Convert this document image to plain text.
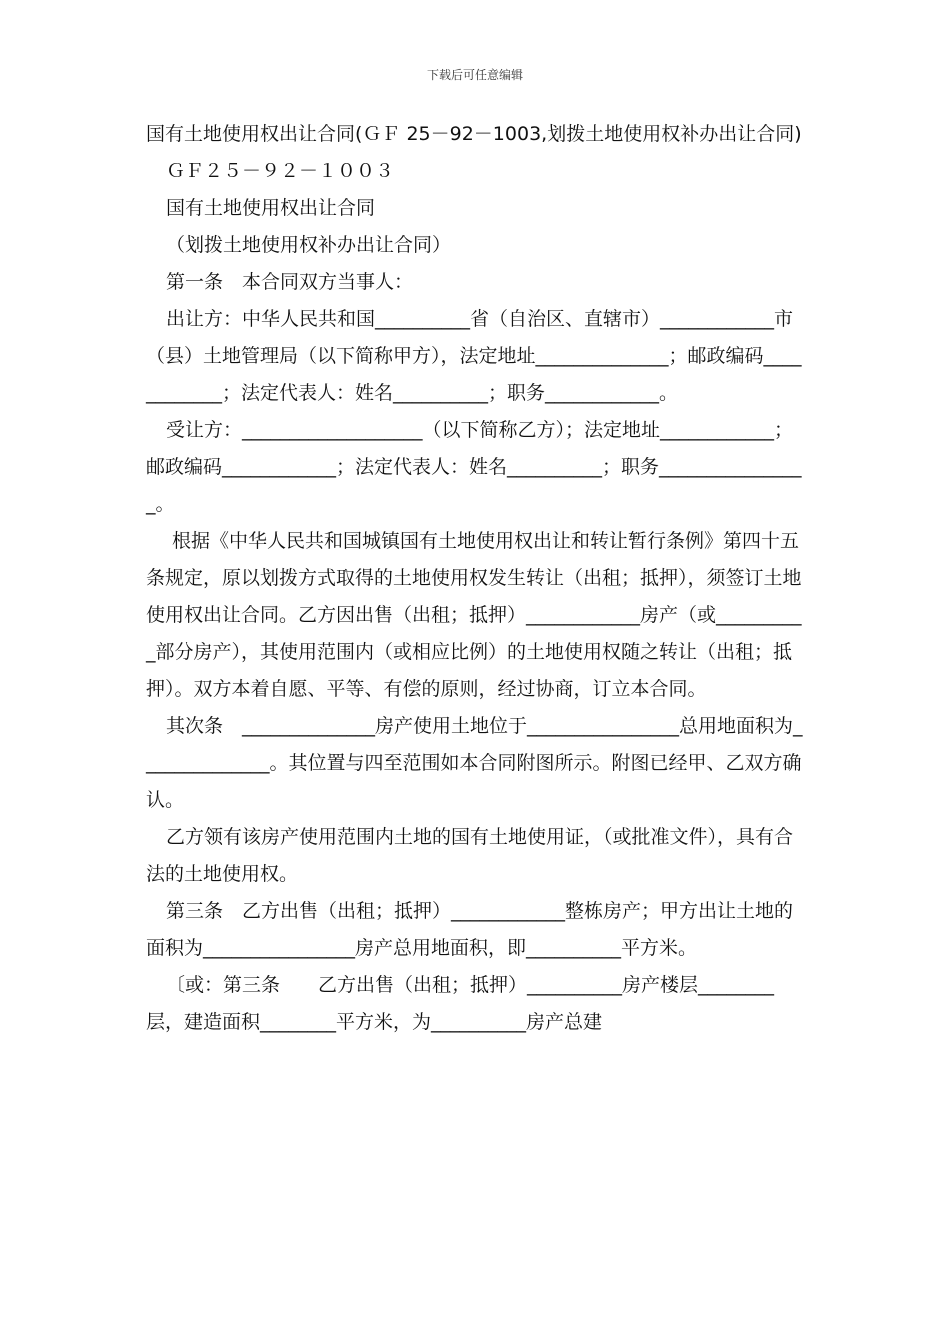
下载后可任意编辑

国有土地使用权出让合同(ＧＦ 25－92－1003,划拨土地使用权补办出让合同)

ＧＦ２５－９２－１００３

国有土地使用权出让合同

（划拨土地使用权补办出让合同）

第一条　本合同双方当事人：

出让方：中华人民共和国__________省（自治区、直辖市）____________市（县）土地管理局（以下简称甲方），法定地址______________；邮政编码____________；法定代表人：姓名__________；职务____________。

受让方：___________________（以下简称乙方）；法定地址____________；邮政编码____________；法定代表人：姓名__________；职务________________。

根据《中华人民共和国城镇国有土地使用权出让和转让暂行条例》第四十五条规定，原以划拨方式取得的土地使用权发生转让（出租；抵押），须签订土地使用权出让合同。乙方因出售（出租；抵押）____________房产（或__________部分房产），其使用范围内（或相应比例）的土地使用权随之转让（出租；抵押）。双方本着自愿、平等、有偿的原则，经过协商，订立本合同。

其次条　______________房产使用土地位于________________总用地面积为______________。其位置与四至范围如本合同附图所示。附图已经甲、乙双方确认。

乙方领有该房产使用范围内土地的国有土地使用证，（或批准文件），具有合法的土地使用权。

第三条　乙方出售（出租；抵押）____________整栋房产；甲方出让土地的面积为________________房产总用地面积，即__________平方米。

〔或：第三条　　乙方出售（出租；抵押）__________房产楼层________层，建造面积________平方米，为__________房产总建
